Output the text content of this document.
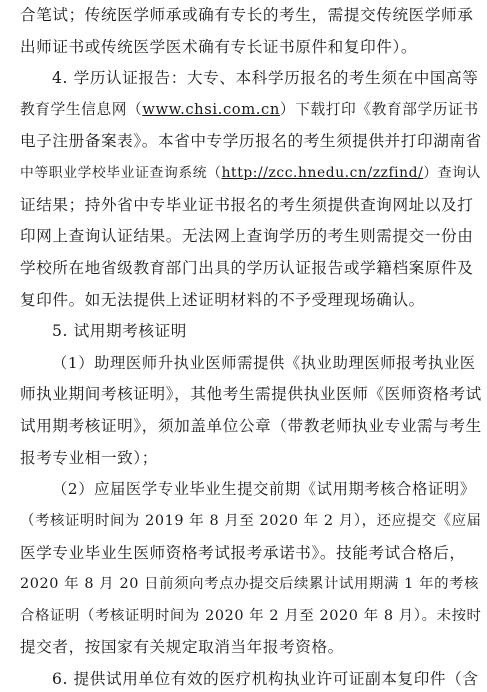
合笔试；传统医学师承或确有专长的考生，需提交传统医学师承
出师证书或传统医学医术确有专长证书原件和复印件）。
4. 学历认证报告：大专、本科学历报名的考生须在中国高等
教育学生信息网（www.chsi.com.cn）下载打印《教育部学历证书
电子注册备案表》。本省中专学历报名的考生须提供并打印湖南省
中等职业学校毕业证查询系统（http://zcc.hnedu.cn/zzfind/）查询认
证结果；持外省中专毕业证书报名的考生须提供查询网址以及打
印网上查询认证结果。无法网上查询学历的考生则需提交一份由
学校所在地省级教育部门出具的学历认证报告或学籍档案原件及
复印件。如无法提供上述证明材料的不予受理现场确认。
5. 试用期考核证明
（1）助理医师升执业医师需提供《执业助理医师报考执业医
师执业期间考核证明》，其他考生需提供执业医师《医师资格考试
试用期考核证明》，须加盖单位公章（带教老师执业专业需与考生
报考专业相一致）；
（2）应届医学专业毕业生提交前期《试用期考核合格证明》
（考核证明时间为 2019 年 8 月至 2020 年 2 月），还应提交《应届
医学专业毕业生医师资格考试报考承诺书》。技能考试合格后，
2020 年 8 月 20 日前须向考点办提交后续累计试用期满 1 年的考核
合格证明（考核证明时间为 2020 年 2 月至 2020 年 8 月）。未按时
提交者，按国家有关规定取消当年报考资格。
6. 提供试用单位有效的医疗机构执业许可证副本复印件（含
